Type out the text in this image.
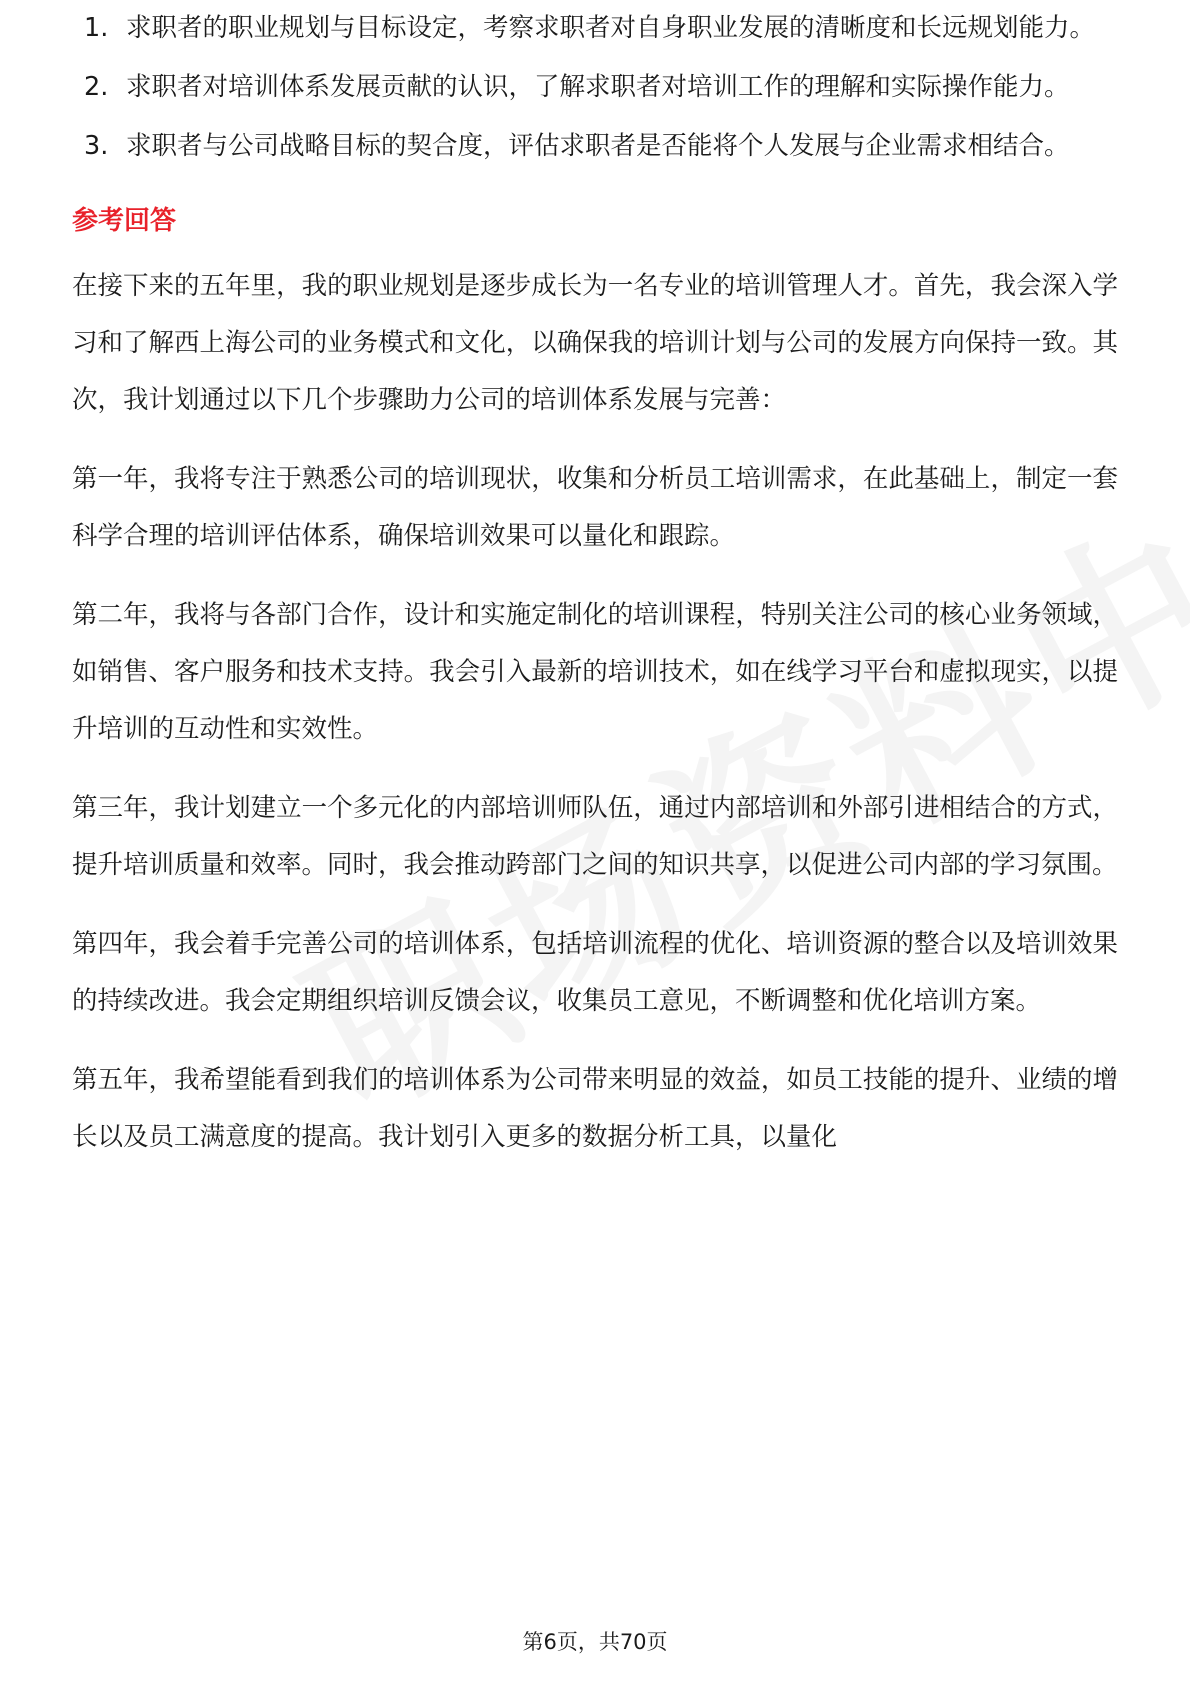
1. 求职者的职业规划与目标设定，考察求职者对自身职业发展的清晰度和长远规划能力。
2. 求职者对培训体系发展贡献的认识，了解求职者对培训工作的理解和实际操作能力。
3. 求职者与公司战略目标的契合度，评估求职者是否能将个人发展与企业需求相结合。
参考回答

在接下来的五年里，我的职业规划是逐步成长为一名专业的培训管理人才。首先，我会深入学习和了解西上海公司的业务模式和文化，以确保我的培训计划与公司的发展方向保持一致。其次，我计划通过以下几个步骤助力公司的培训体系发展与完善：

第一年，我将专注于熟悉公司的培训现状，收集和分析员工培训需求，在此基础上，制定一套科学合理的培训评估体系，确保培训效果可以量化和跟踪。

第二年，我将与各部门合作，设计和实施定制化的培训课程，特别关注公司的核心业务领域，如销售、客户服务和技术支持。我会引入最新的培训技术，如在线学习平台和虚拟现实，以提升培训的互动性和实效性。

第三年，我计划建立一个多元化的内部培训师队伍，通过内部培训和外部引进相结合的方式，提升培训质量和效率。同时，我会推动跨部门之间的知识共享，以促进公司内部的学习氛围。

第四年，我会着手完善公司的培训体系，包括培训流程的优化、培训资源的整合以及培训效果的持续改进。我会定期组织培训反馈会议，收集员工意见，不断调整和优化培训方案。

第五年，我希望能看到我们的培训体系为公司带来明显的效益，如员工技能的提升、业绩的增长以及员工满意度的提高。我计划引入更多的数据分析工具，以量化

第6页，共70页
